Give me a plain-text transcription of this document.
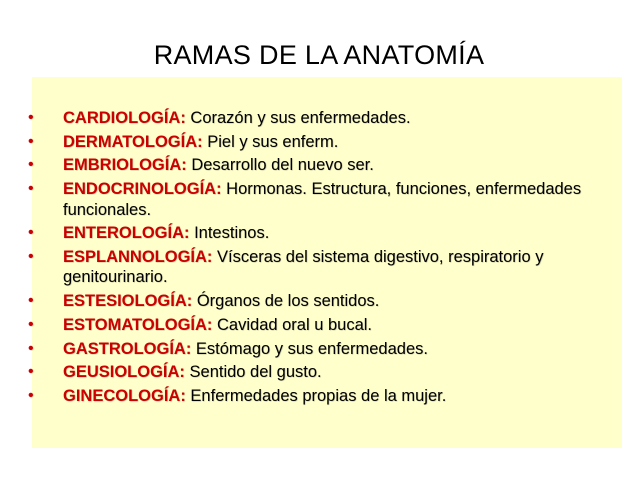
RAMAS DE LA ANATOMÍA
• CARDIOLOGÍA: Corazón y sus enfermedades.
• DERMATOLOGÍA: Piel y sus enferm.
• EMBRIOLOGÍA: Desarrollo del nuevo ser.
• ENDOCRINOLOGÍA: Hormonas. Estructura, funciones, enfermedades funcionales.
• ENTEROLOGÍA: Intestinos.
• ESPLANNOLOGÍA: Vísceras del sistema digestivo, respiratorio y genitourinario.
• ESTESIOLOGÍA: Órganos de los sentidos.
• ESTOMATOLOGÍA: Cavidad oral u bucal.
• GASTROLOGÍA: Estómago y sus enfermedades.
• GEUSIOLOGÍA: Sentido del gusto.
• GINECOLOGÍA: Enfermedades propias de la mujer.
